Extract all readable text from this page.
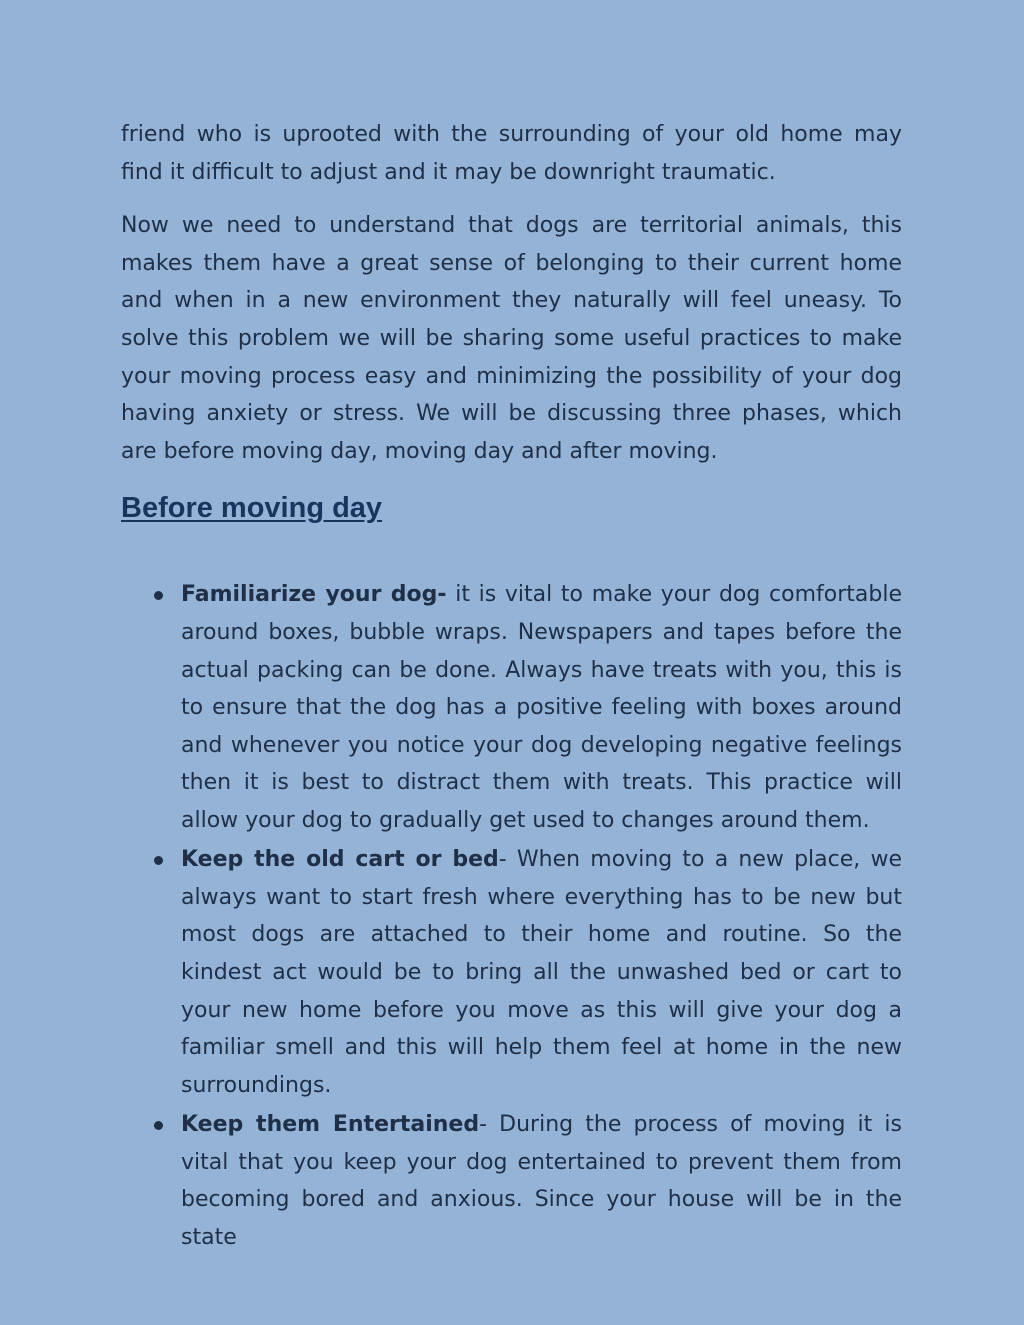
friend who is uprooted with the surrounding of your old home may find it difficult to adjust and it may be downright traumatic.

Now we need to understand that dogs are territorial animals, this makes them have a great sense of belonging to their current home and when in a new environment they naturally will feel uneasy. To solve this problem we will be sharing some useful practices to make your moving process easy and minimizing the possibility of your dog having anxiety or stress. We will be discussing three phases, which are before moving day, moving day and after moving.

Before moving day
Familiarize your dog- it is vital to make your dog comfortable around boxes, bubble wraps. Newspapers and tapes before the actual packing can be done. Always have treats with you, this is to ensure that the dog has a positive feeling with boxes around and whenever you notice your dog developing negative feelings then it is best to distract them with treats. This practice will allow your dog to gradually get used to changes around them.
Keep the old cart or bed- When moving to a new place, we always want to start fresh where everything has to be new but most dogs are attached to their home and routine. So the kindest act would be to bring all the unwashed bed or cart to your new home before you move as this will give your dog a familiar smell and this will help them feel at home in the new surroundings.
Keep them Entertained- During the process of moving it is vital that you keep your dog entertained to prevent them from becoming bored and anxious. Since your house will be in the state
